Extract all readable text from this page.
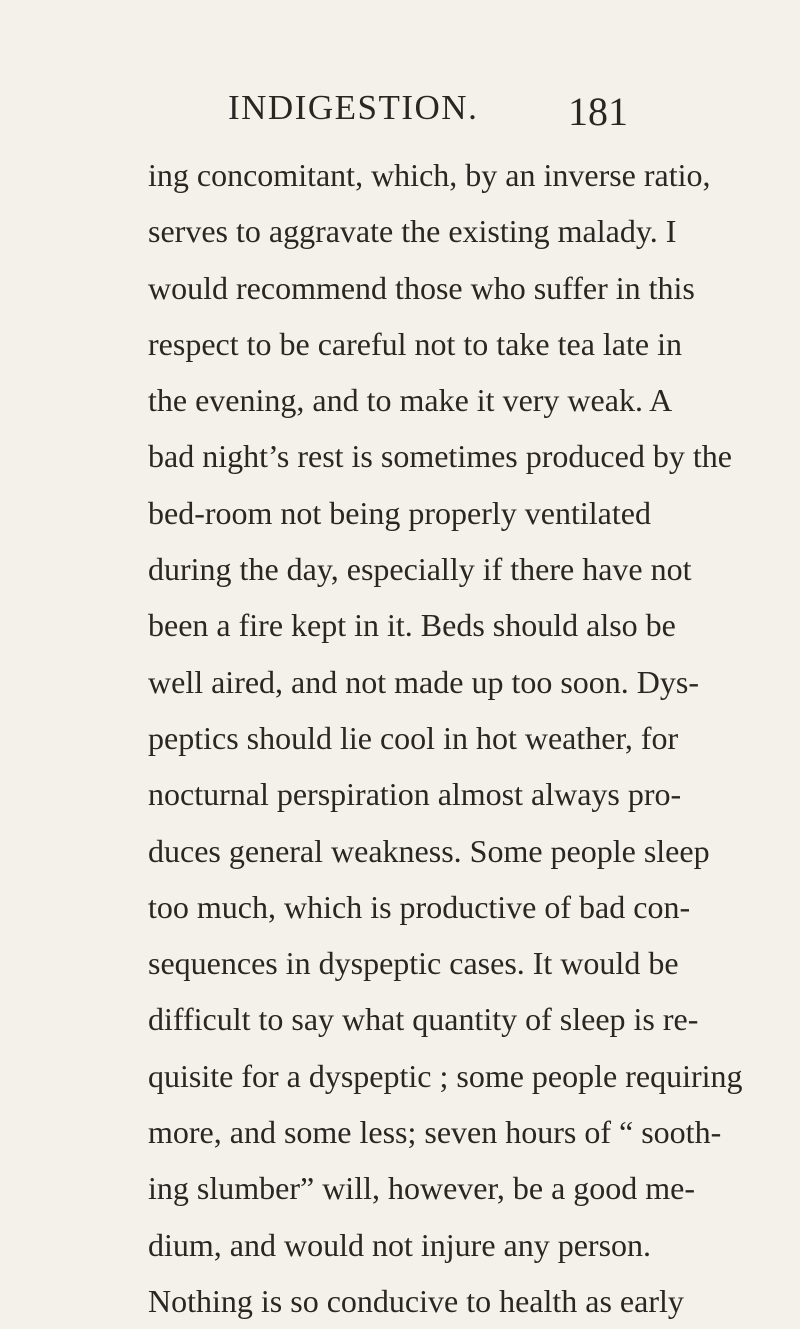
INDIGESTION. 181
ing concomitant, which, by an inverse ratio,
serves to aggravate the existing malady. I
would recommend those who suffer in this
respect to be careful not to take tea late in
the evening, and to make it very weak. A
bad night’s rest is sometimes produced by the
bed-room not being properly ventilated
during the day, especially if there have not
been a fire kept in it. Beds should also be
well aired, and not made up too soon. Dys-
peptics should lie cool in hot weather, for
nocturnal perspiration almost always pro-
duces general weakness. Some people sleep
too much, which is productive of bad con-
sequences in dyspeptic cases. It would be
difficult to say what quantity of sleep is re-
quisite for a dyspeptic ; some people requiring
more, and some less; seven hours of “ sooth-
ing slumber” will, however, be a good me-
dium, and would not injure any person.
Nothing is so conducive to health as early
